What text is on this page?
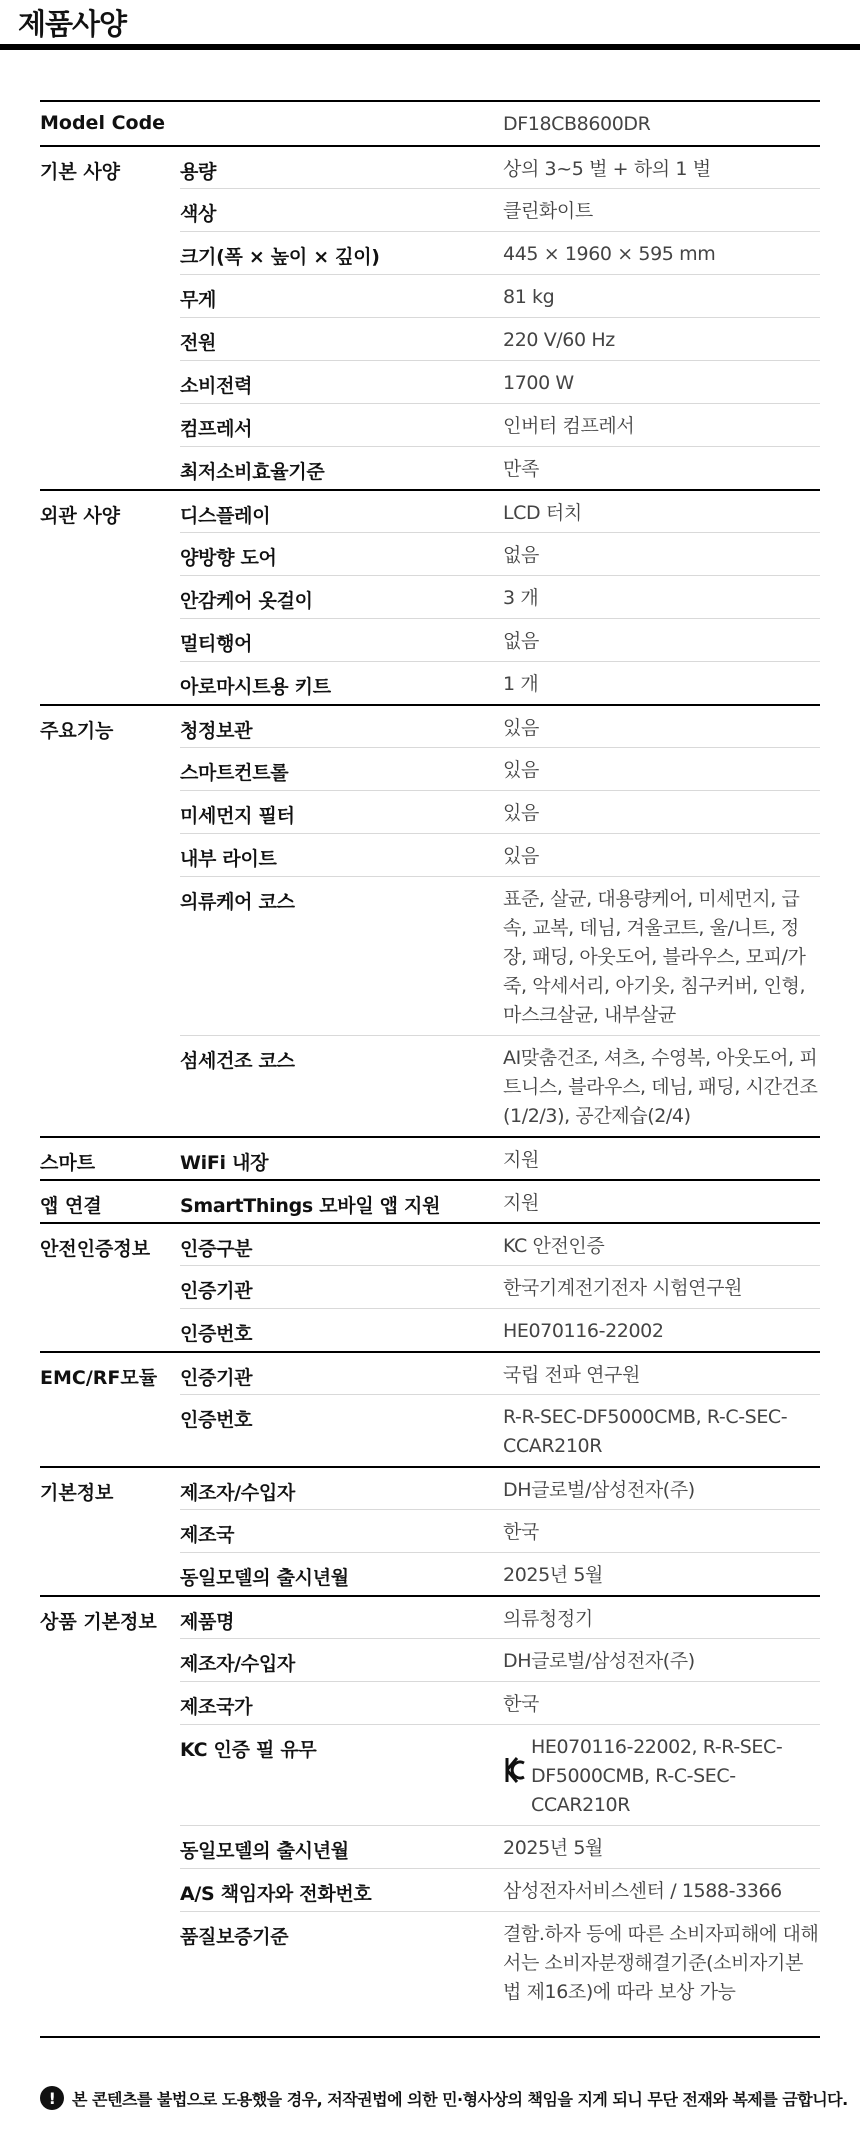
제품사양
Model Code	DF18CB8600DR
기본 사양	용량	상의 3~5 벌 + 하의 1 벌
색상	클린화이트
크기(폭 × 높이 × 깊이)	445 × 1960 × 595 mm
무게	81 kg
전원	220 V/60 Hz
소비전력	1700 W
컴프레서	인버터 컴프레서
최저소비효율기준	만족
외관 사양	디스플레이	LCD 터치
양방향 도어	없음
안감케어 옷걸이	3 개
멀티행어	없음
아로마시트용 키트	1 개
주요기능	청정보관	있음
스마트컨트롤	있음
미세먼지 필터	있음
내부 라이트	있음
의류케어 코스	표준, 살균, 대용량케어, 미세먼지, 급속, 교복, 데님, 겨울코트, 울/니트, 정장, 패딩, 아웃도어, 블라우스, 모피/가죽, 악세서리, 아기옷, 침구커버, 인형, 마스크살균, 내부살균
섬세건조 코스	AI맞춤건조, 셔츠, 수영복, 아웃도어, 피트니스, 블라우스, 데님, 패딩, 시간건조(1/2/3), 공간제습(2/4)
스마트	WiFi 내장	지원
앱 연결	SmartThings 모바일 앱 지원	지원
안전인증정보	인증구분	KC 안전인증
인증기관	한국기계전기전자 시험연구원
인증번호	HE070116-22002
EMC/RF모듈	인증기관	국립 전파 연구원
인증번호	R-R-SEC-DF5000CMB, R-C-SEC-CCAR210R
기본정보	제조자/수입자	DH글로벌/삼성전자(주)
제조국	한국
동일모델의 출시년월	2025년 5월
상품 기본정보	제품명	의류청정기
제조자/수입자	DH글로벌/삼성전자(주)
제조국가	한국
KC 인증 필 유무	HE070116-22002, R-R-SEC-DF5000CMB, R-C-SEC-CCAR210R
동일모델의 출시년월	2025년 5월
A/S 책임자와 전화번호	삼성전자서비스센터 / 1588-3366
품질보증기준	결함.하자 등에 따른 소비자피해에 대해서는 소비자분쟁해결기준(소비자기본법 제16조)에 따라 보상 가능
!	본 콘텐츠를 불법으로 도용했을 경우, 저작권법에 의한 민·형사상의 책임을 지게 되니 무단 전재와 복제를 금합니다.
